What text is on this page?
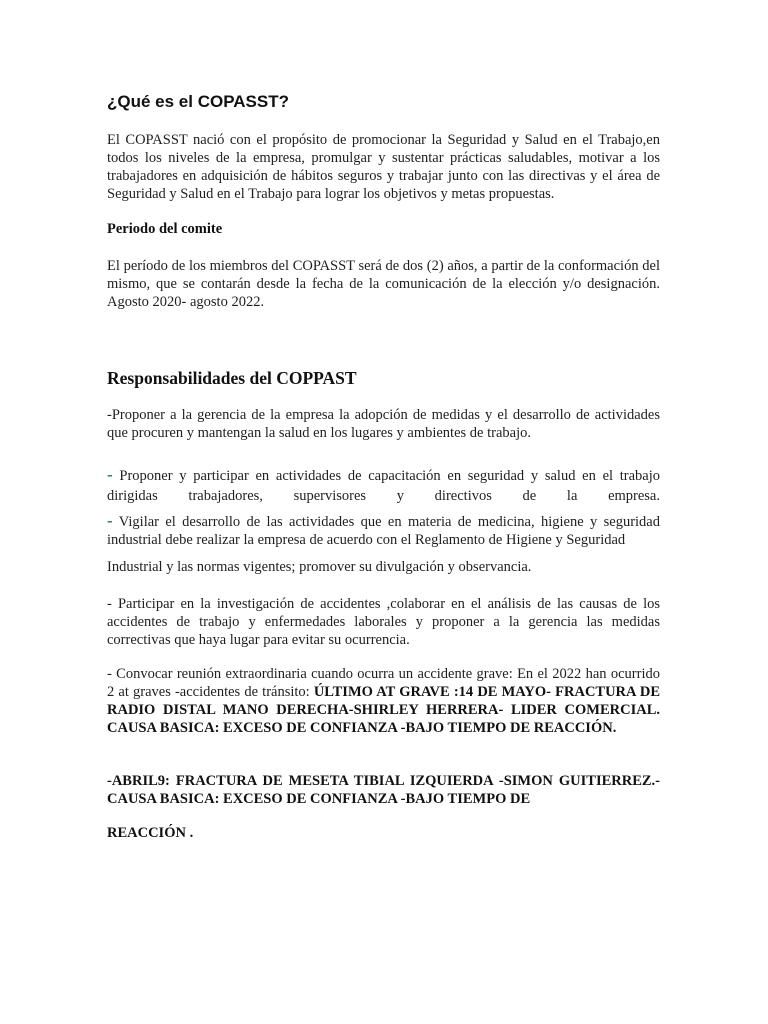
¿Qué es el COPASST?

El COPASST nació con el propósito de promocionar la Seguridad y Salud en el Trabajo,en todos los niveles de la empresa, promulgar y sustentar prácticas saludables, motivar a los trabajadores en adquisición de hábitos seguros y trabajar junto con las directivas y el área de Seguridad y Salud en el Trabajo para lograr los objetivos y metas propuestas.

Periodo del comite

El período de los miembros del COPASST será de dos (2) años, a partir de la conformación del mismo, que se contarán desde la fecha de la comunicación de la elección y/o designación. Agosto 2020- agosto 2022.

Responsabilidades del COPPAST

-Proponer a la gerencia de la empresa la adopción de medidas y el desarrollo de actividades que procuren y mantengan la salud en los lugares y ambientes de trabajo.

- Proponer y participar en actividades de capacitación en seguridad y salud en el trabajo
dirigidas trabajadores, supervisores y directivos de la empresa.
- Vigilar el desarrollo de las actividades que en materia de medicina, higiene y seguridad industrial debe realizar la empresa de acuerdo con el Reglamento de Higiene y Seguridad

Industrial y las normas vigentes; promover su divulgación y observancia.

- Participar en la investigación de accidentes ,colaborar en el análisis de las causas de los accidentes de trabajo y enfermedades laborales y proponer a la gerencia las medidas correctivas que haya lugar para evitar su ocurrencia.

- Convocar reunión extraordinaria cuando ocurra un accidente grave: En el 2022 han ocurrido 2 at graves -accidentes de tránsito: ÚLTIMO AT GRAVE :14 DE MAYO- FRACTURA DE RADIO DISTAL MANO DERECHA-SHIRLEY HERRERA- LIDER COMERCIAL. CAUSA BASICA: EXCESO DE CONFIANZA -BAJO TIEMPO DE REACCIÓN.

-ABRIL9: FRACTURA DE MESETA TIBIAL IZQUIERDA -SIMON GUITIERREZ.-CAUSA BASICA: EXCESO DE CONFIANZA -BAJO TIEMPO DE

REACCIÓN .
